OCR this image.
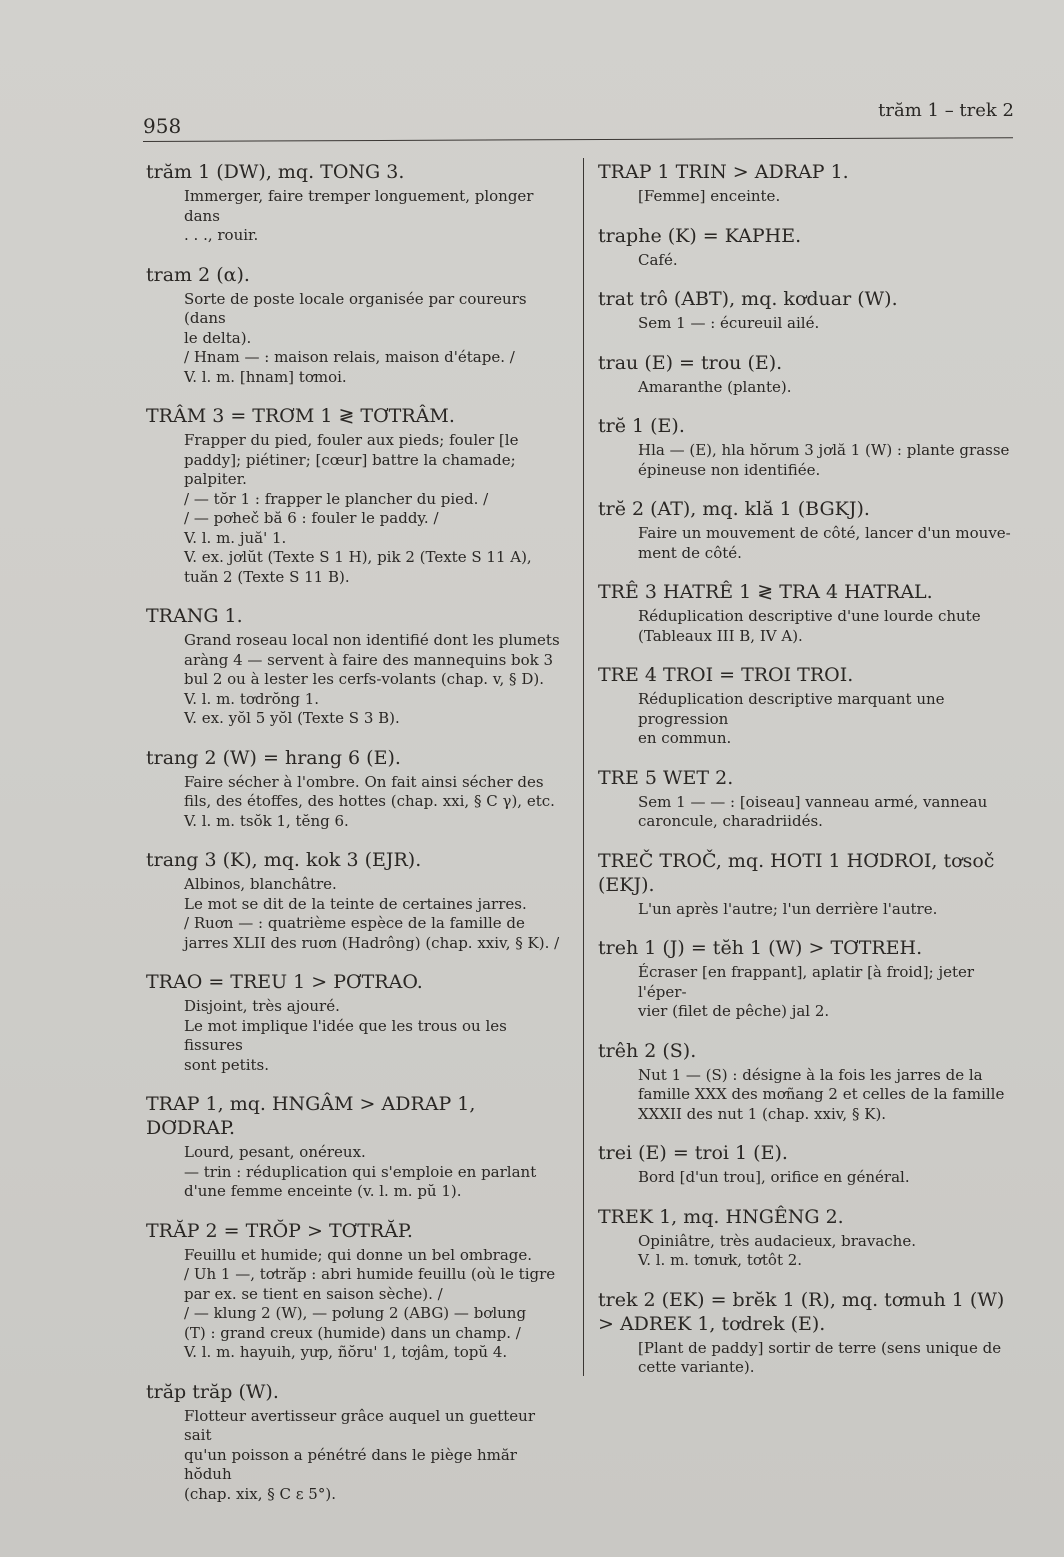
958
trăm 1 – trek 2
trăm 1 (DW), mq. TONG 3.
Immerger, faire tremper longuement, plonger dans
. . ., rouir.
tram 2 (α).
Sorte de poste locale organisée par coureurs (dans
le delta).
/ Hnam — : maison relais, maison d'étape. /
V. l. m. [hnam] tơmoi.
TRÂM 3 = TRƠM 1 ≷ TƠTRÂM.
Frapper du pied, fouler aux pieds; fouler [le
paddy]; piétiner; [cœur] battre la chamade; palpiter.
/ — tŏr 1 : frapper le plancher du pied. /
/ — pơheč bă 6 : fouler le paddy. /
V. l. m. juă' 1.
V. ex. jơlŭt (Texte S 1 H), pik 2 (Texte S 11 A),
tuăn 2 (Texte S 11 B).
TRANG 1.
Grand roseau local non identifié dont les plumets
aràng 4 — servent à faire des mannequins bok 3
bul 2 ou à lester les cerfs-volants (chap. v, § D).
V. l. m. tơdrŏng 1.
V. ex. yŏl 5 yŏl (Texte S 3 B).
trang 2 (W) = hrang 6 (E).
Faire sécher à l'ombre. On fait ainsi sécher des
fils, des étoffes, des hottes (chap. xxi, § C γ), etc.
V. l. m. tsŏk 1, tĕng 6.
trang 3 (K), mq. kok 3 (EJR).
Albinos, blanchâtre.
Le mot se dit de la teinte de certaines jarres.
/ Ruơn — : quatrième espèce de la famille de
jarres XLII des ruơn (Hadrông) (chap. xxiv, § K). /
TRAO = TREU 1 > PƠTRAO.
Disjoint, très ajouré.
Le mot implique l'idée que les trous ou les fissures
sont petits.
TRAP 1, mq. HNGÂM > ADRAP 1,
DƠDRAP.
Lourd, pesant, onéreux.
— trin : réduplication qui s'emploie en parlant
d'une femme enceinte (v. l. m. pŭ 1).
TRĂP 2 = TRŎP > TƠTRĂP.
Feuillu et humide; qui donne un bel ombrage.
/ Uh 1 —, tơtrăp : abri humide feuillu (où le tigre
par ex. se tient en saison sèche). /
/ — klung 2 (W), — pơlung 2 (ABG) — bơlung
(T) : grand creux (humide) dans un champ. /
V. l. m. hayuih, yưp, ñŏru' 1, tơjâm, topŭ 4.
trăp trăp (W).
Flotteur avertisseur grâce auquel un guetteur sait
qu'un poisson a pénétré dans le piège hmăr hŏduh
(chap. xix, § C ε 5°).
TRAP 1 TRIN > ADRAP 1.
[Femme] enceinte.
traphe (K) = KAPHE.
Café.
trat trô (ABT), mq. kơduar (W).
Sem 1 — : écureuil ailé.
trau (E) = trou (E).
Amaranthe (plante).
trĕ 1 (E).
Hla — (E), hla hŏrum 3 jơlă 1 (W) : plante grasse
épineuse non identifiée.
trĕ 2 (AT), mq. klă 1 (BGKJ).
Faire un mouvement de côté, lancer d'un mouve-
ment de côté.
TRÊ 3 HATRÊ 1 ≷ TRA 4 HATRAL.
Réduplication descriptive d'une lourde chute
(Tableaux III B, IV A).
TRE 4 TROI = TROI TROI.
Réduplication descriptive marquant une progression
en commun.
TRE 5 WET 2.
Sem 1 — — : [oiseau] vanneau armé, vanneau
caroncule, charadriidés.
TREČ TROČ, mq. HOTI 1 HƠDROI, tơsoč
(EKJ).
L'un après l'autre; l'un derrière l'autre.
treh 1 (J) = tĕh 1 (W) > TƠTREH.
Écraser [en frappant], aplatir [à froid]; jeter l'éper-
vier (filet de pêche) jal 2.
trêh 2 (S).
Nut 1 — (S) : désigne à la fois les jarres de la
famille XXX des mơñang 2 et celles de la famille
XXXII des nut 1 (chap. xxiv, § K).
trei (E) = troi 1 (E).
Bord [d'un trou], orifice en général.
TREK 1, mq. HNGÊNG 2.
Opiniâtre, très audacieux, bravache.
V. l. m. tơnưk, tơtôt 2.
trek 2 (EK) = brĕk 1 (R), mq. tơmuh 1 (W)
> ADREK 1, tơdrek (E).
[Plant de paddy] sortir de terre (sens unique de
cette variante).
